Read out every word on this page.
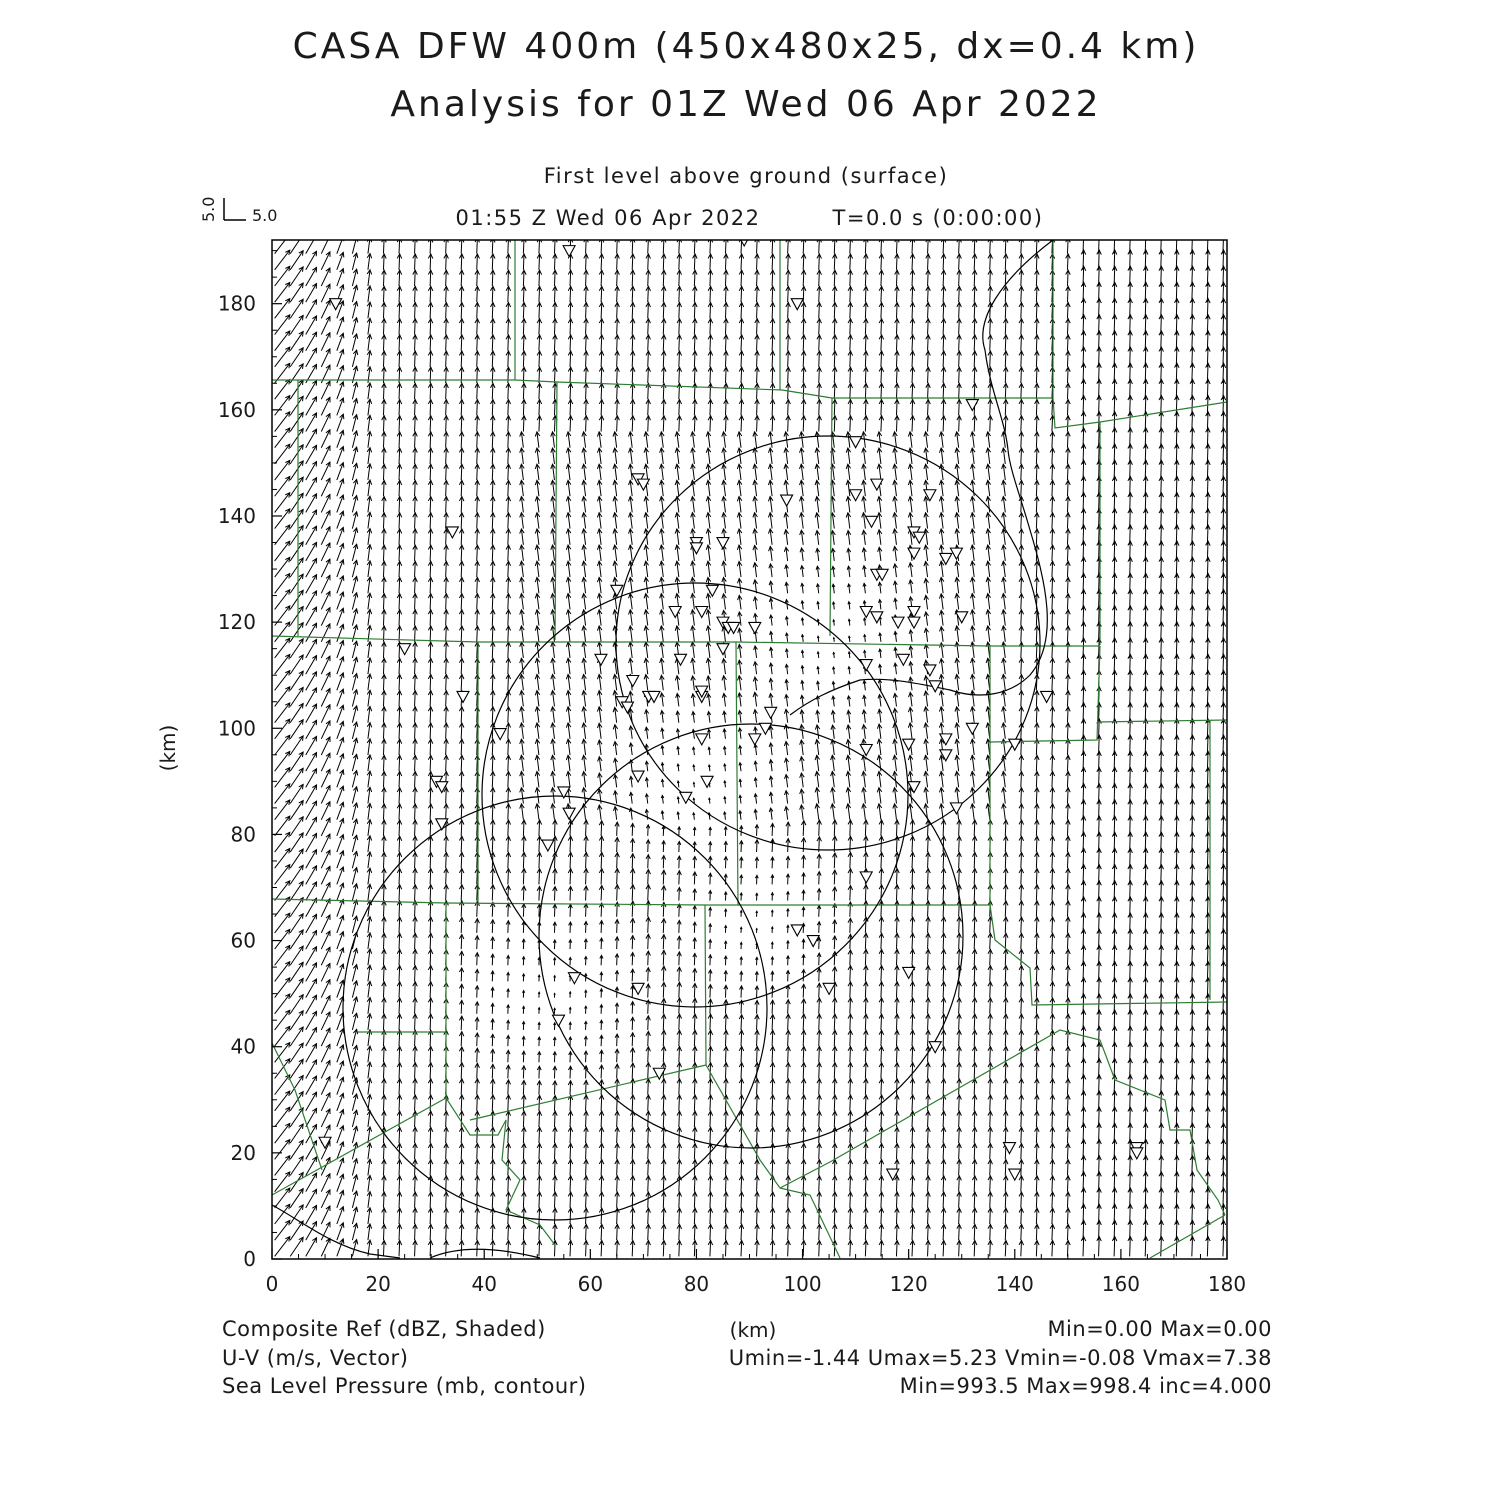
CASA DFW 400m (450x480x25, dx=0.4 km)
Analysis for 01Z Wed 06 Apr 2022
First level above ground (surface)
01:55 Z Wed 06 Apr 2022	T=0.0 s (0:00:00)
5.0
5.0
0	20	40	60	80	100	120	140	160	180
0
20
40
60
80
100
120
140
160
180
(km)
(km)
Composite Ref (dBZ, Shaded)	Min=0.00 Max=0.00
U-V (m/s, Vector)	Umin=-1.44 Umax=5.23 Vmin=-0.08 Vmax=7.38
Sea Level Pressure (mb, contour)	Min=993.5 Max=998.4 inc=4.000
